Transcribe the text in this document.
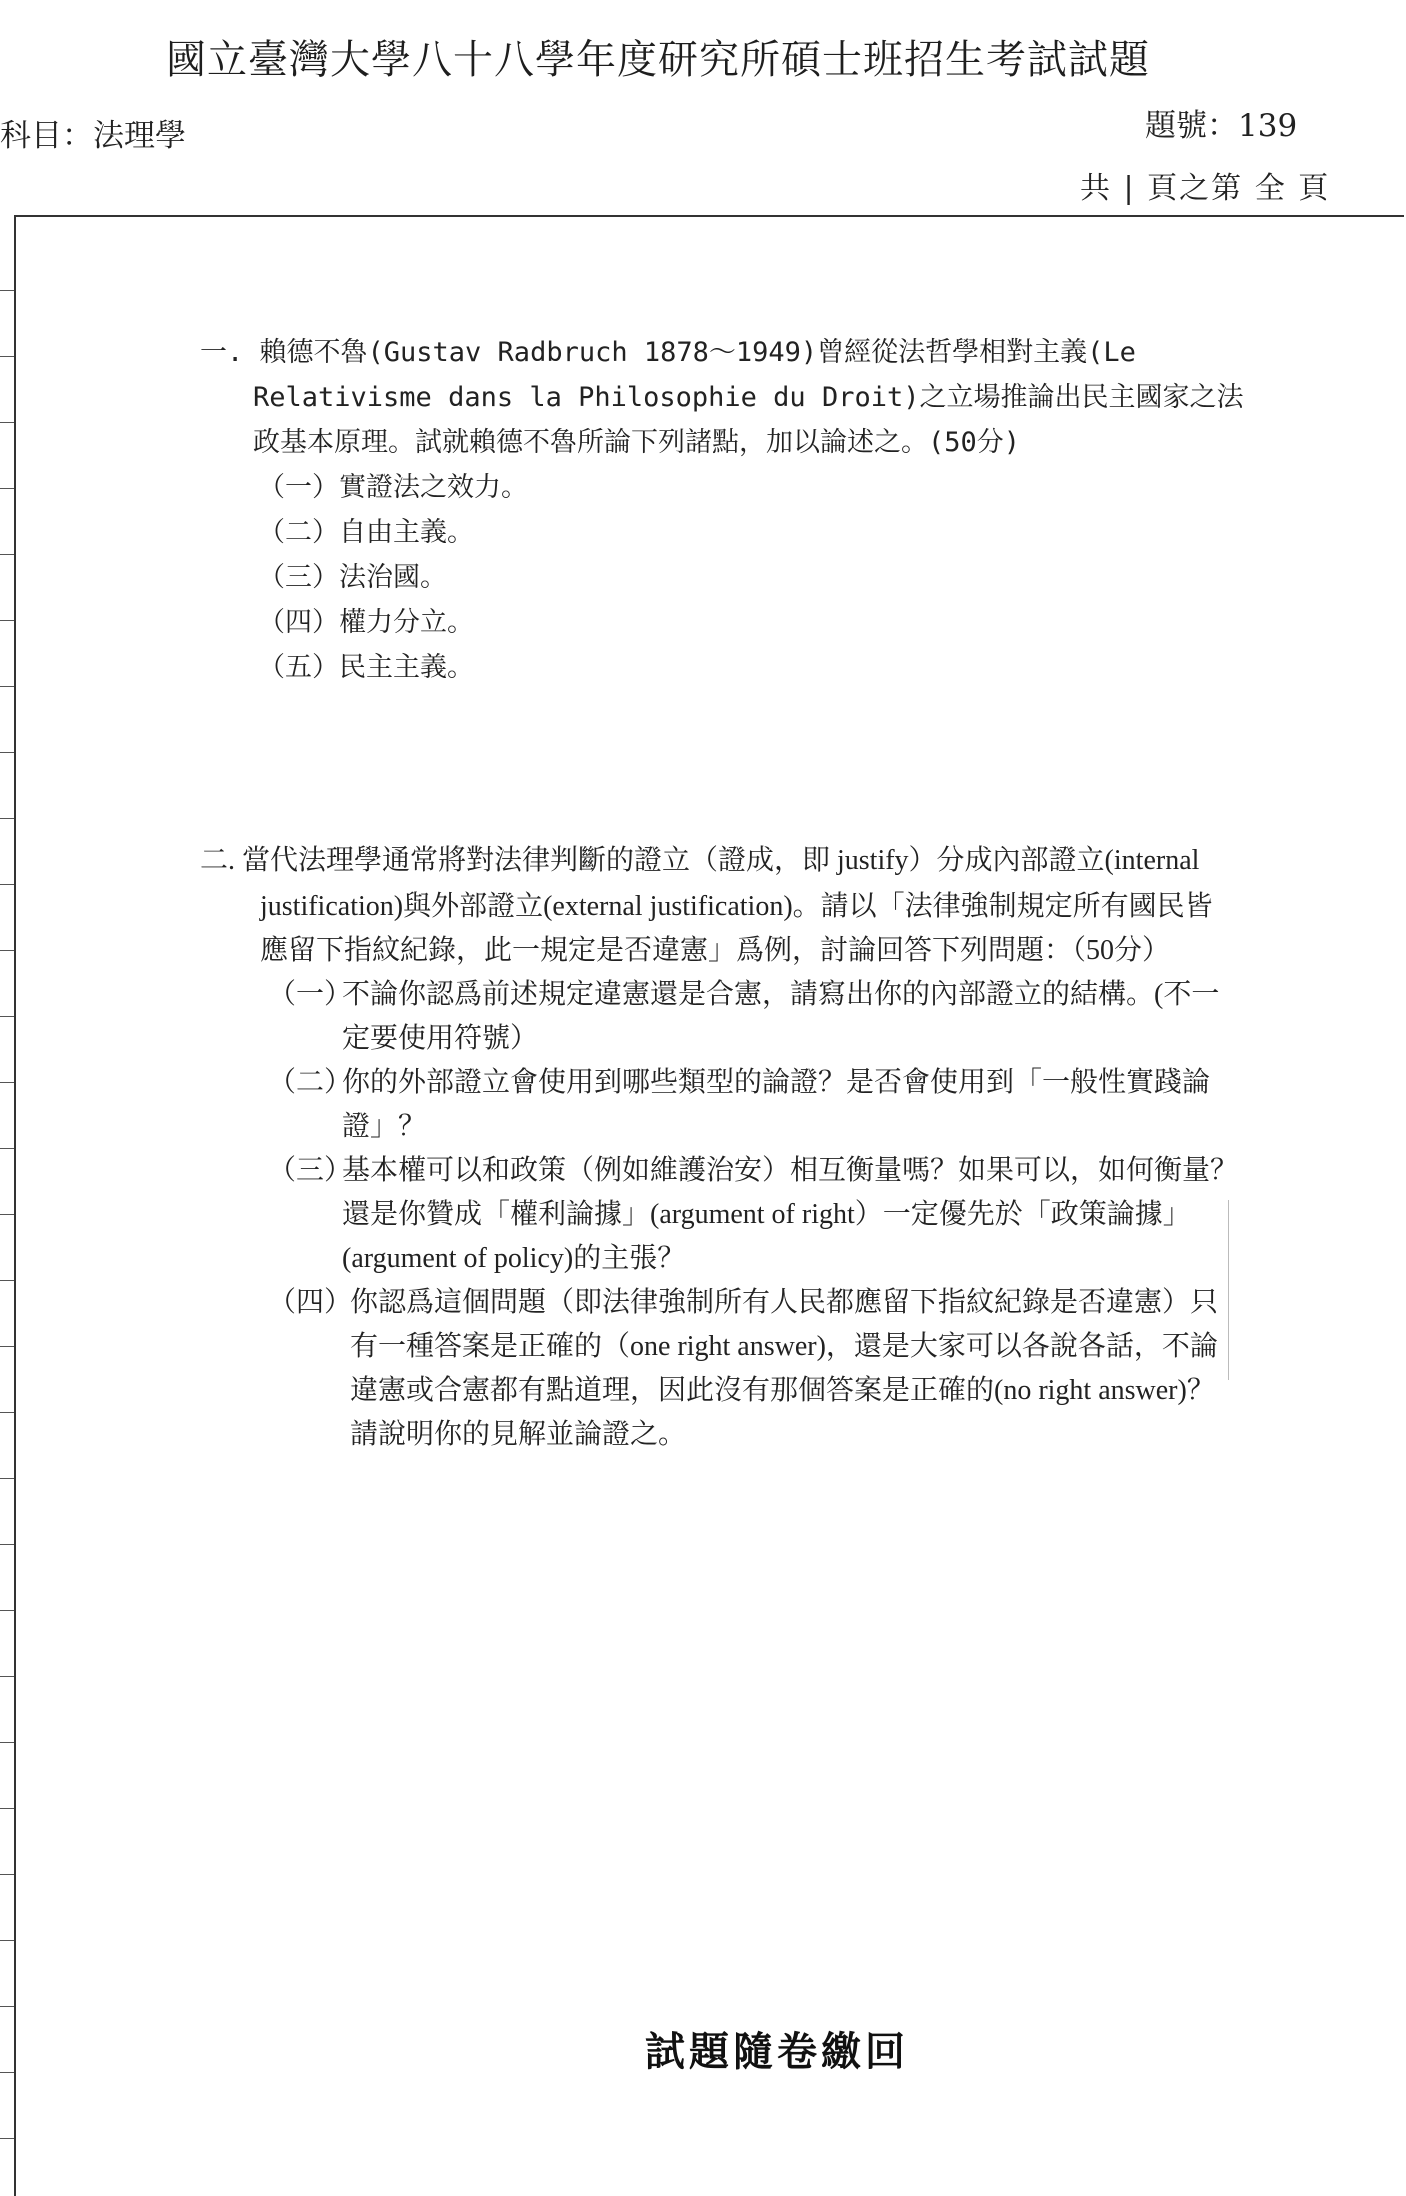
國立臺灣大學八十八學年度研究所碩士班招生考試試題
科目：法理學	題號：139
共 | 頁之第 全 頁
一. 賴德不魯(Gustav Radbruch 1878～1949)曾經從法哲學相對主義(Le
Relativisme dans la Philosophie du Droit)之立場推論出民主國家之法
政基本原理。試就賴德不魯所論下列諸點，加以論述之。(50分)
（一）實證法之效力。
（二）自由主義。
（三）法治國。
（四）權力分立。
（五）民主主義。
二. 當代法理學通常將對法律判斷的證立（證成，即 justify）分成內部證立(internal
justification)與外部證立(external justification)。請以「法律強制規定所有國民皆
應留下指紋紀錄，此一規定是否違憲」爲例，討論回答下列問題：（50分）
（一）
不論你認爲前述規定違憲還是合憲，請寫出你的內部證立的結構。(不一
定要使用符號）
（二）
你的外部證立會使用到哪些類型的論證？是否會使用到「一般性實踐論
證」？
（三）
基本權可以和政策（例如維護治安）相互衡量嗎？如果可以，如何衡量？
還是你贊成「權利論據」(argument of right）一定優先於「政策論據」
(argument of policy)的主張？
（四）
你認爲這個問題（即法律強制所有人民都應留下指紋紀錄是否違憲）只
有一種答案是正確的（one right answer)，還是大家可以各說各話，不論
違憲或合憲都有點道理，因此沒有那個答案是正確的(no right answer)？
請說明你的見解並論證之。
試題隨卷繳回
